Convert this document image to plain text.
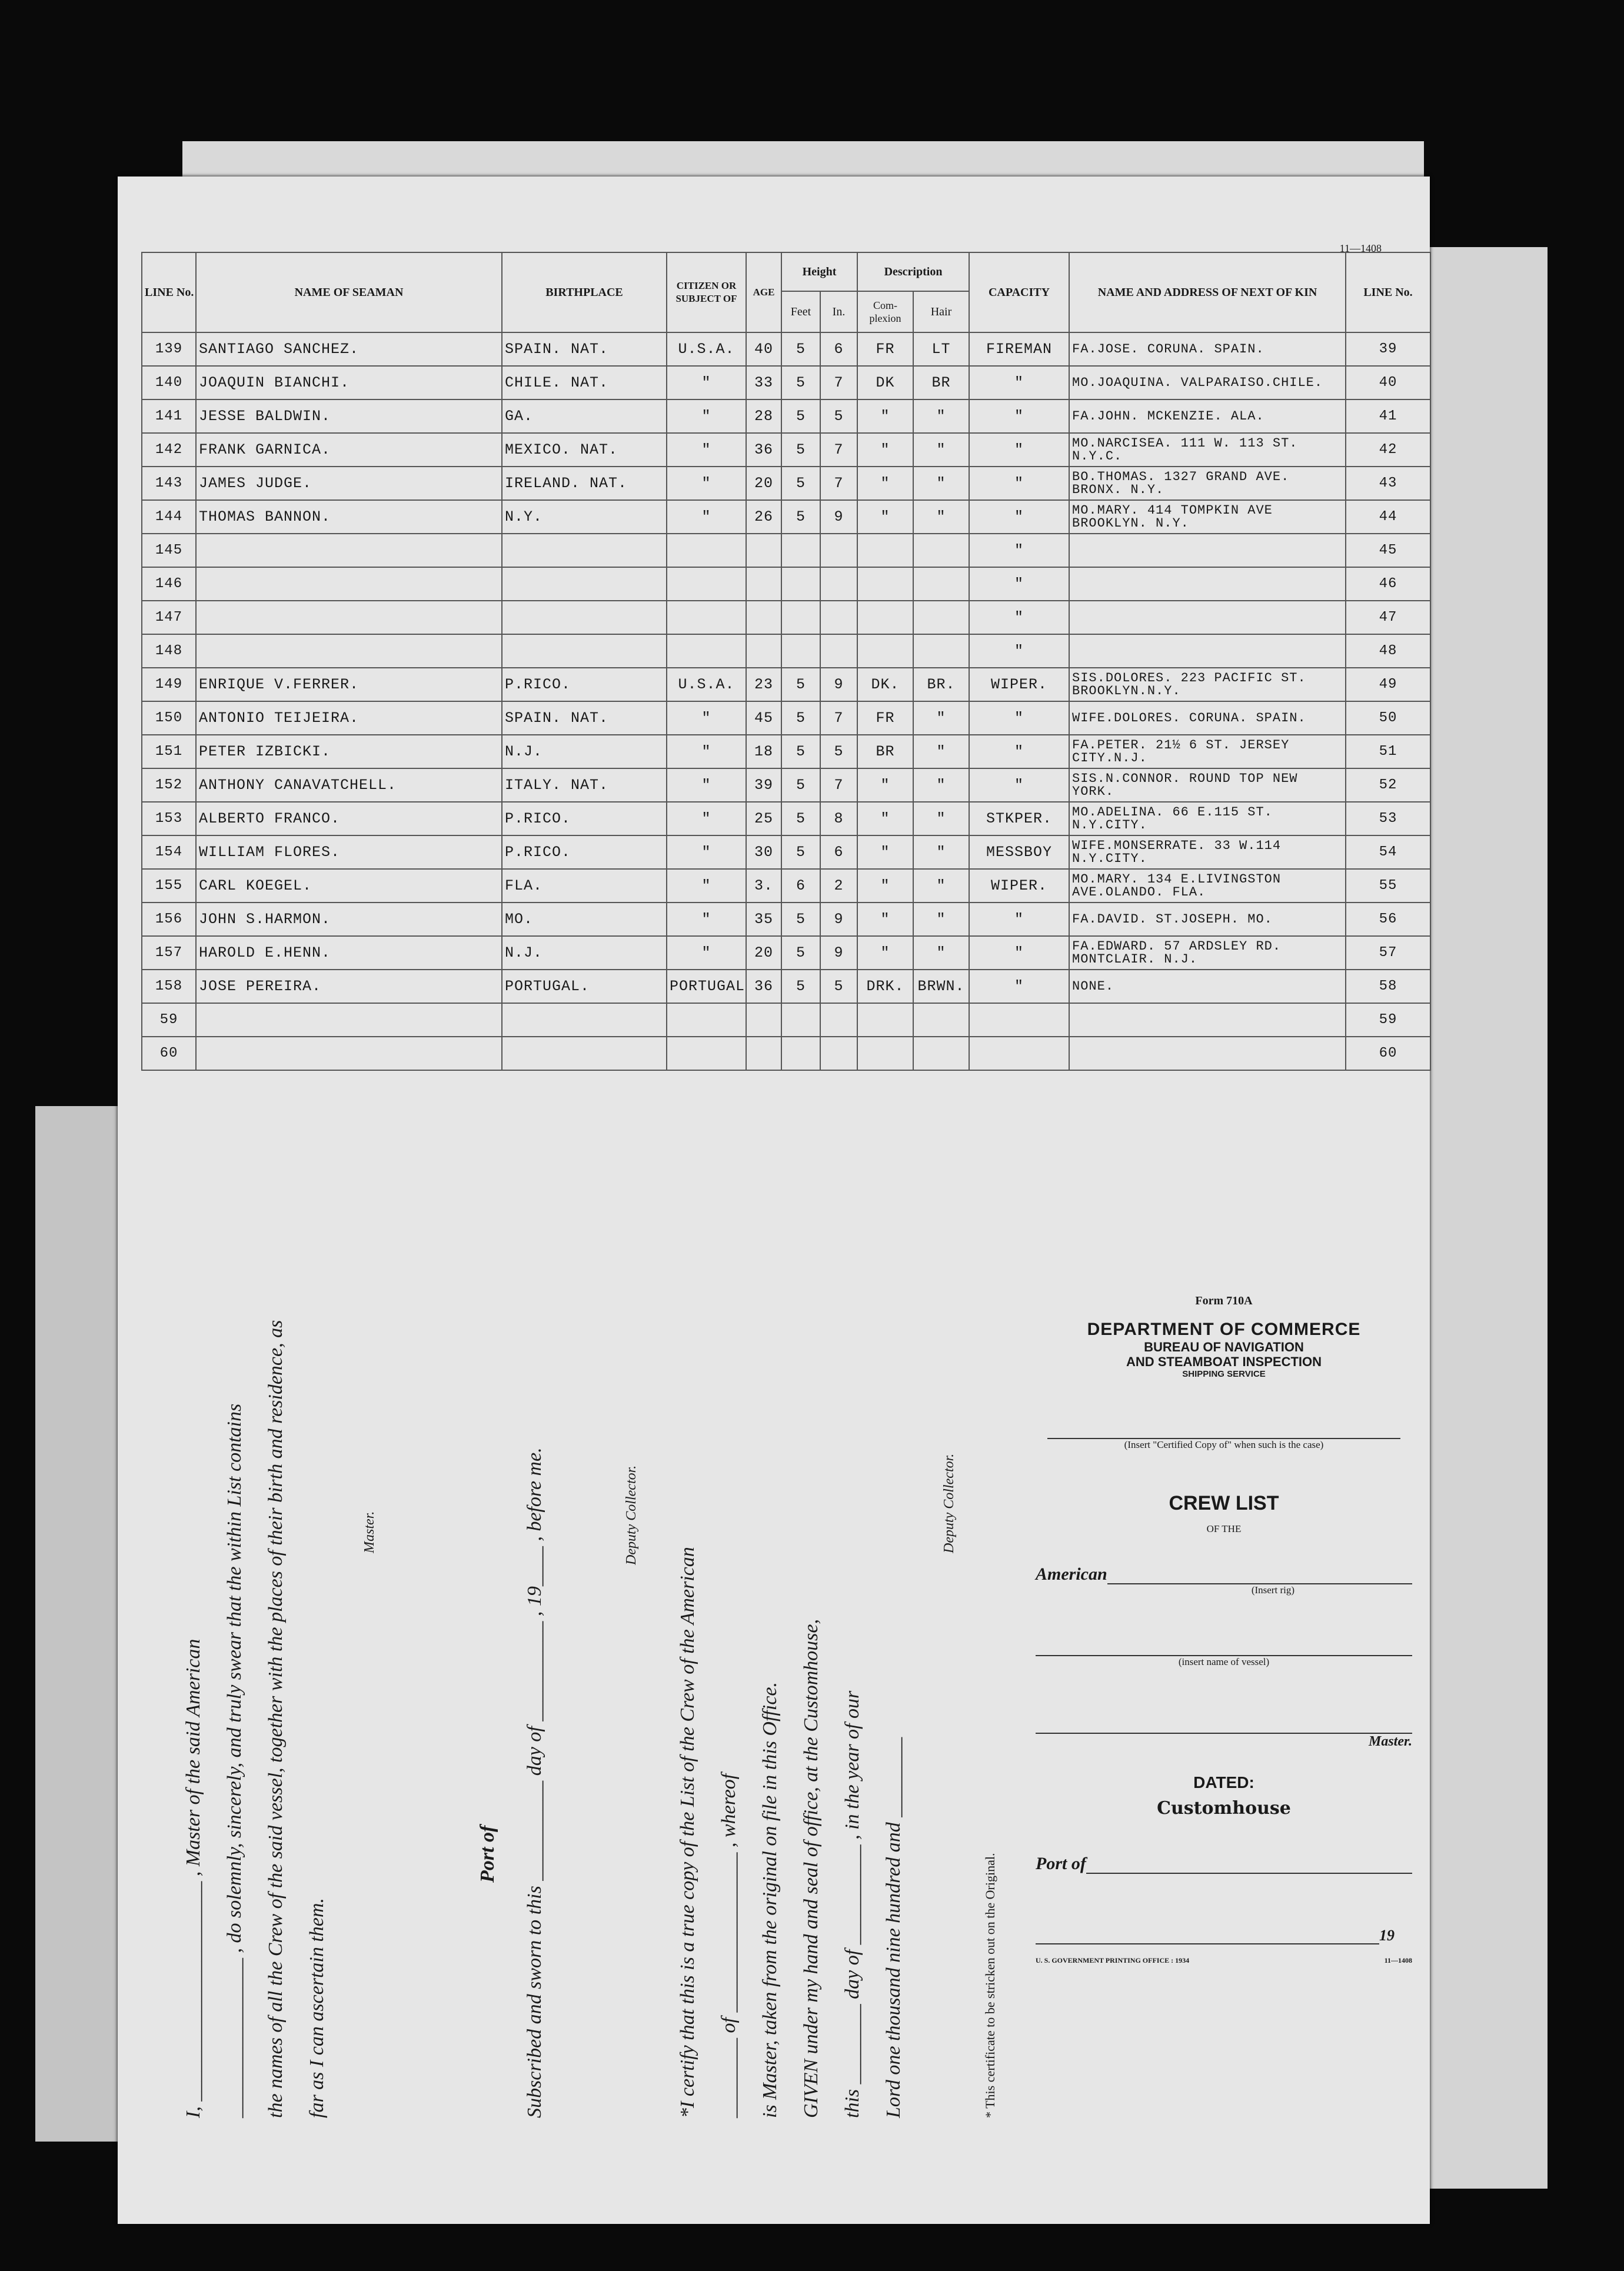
11—1408
LINE No.	NAME OF SEAMAN	BIRTHPLACE	CITIZEN OR SUBJECT OF	AGE	Height		Description		CAPACITY	NAME AND ADDRESS OF NEXT OF KIN	LINE No.
					Feet	In.	Com- plexion	Hair			
139	SANTIAGO SANCHEZ.	SPAIN. NAT.	U.S.A.	40	5	6	FR	LT	FIREMAN	FA.JOSE. CORUNA. SPAIN.	39
140	JOAQUIN BIANCHI.	CHILE. NAT.	"	33	5	7	DK	BR	"	MO.JOAQUINA. VALPARAISO.CHILE.	40
141	JESSE BALDWIN.	GA.	"	28	5	5	"	"	"	FA.JOHN. MCKENZIE. ALA.	41
142	FRANK GARNICA.	MEXICO. NAT.	"	36	5	7	"	"	"	MO.NARCISEA. 111 W. 113 ST. N.Y.C.	42
143	JAMES JUDGE.	IRELAND. NAT.	"	20	5	7	"	"	"	BO.THOMAS. 1327 GRAND AVE. BRONX. N.Y.	43
144	THOMAS BANNON.	N.Y.	"	26	5	9	"	"	"	MO.MARY. 414 TOMPKIN AVE BROOKLYN. N.Y.	44
145									"		45
146									"		46
147									"		47
148									"		48
149	ENRIQUE V.FERRER.	P.RICO.	U.S.A.	23	5	9	DK.	BR.	WIPER.	SIS.DOLORES. 223 PACIFIC ST. BROOKLYN.N.Y.	49
150	ANTONIO TEIJEIRA.	SPAIN. NAT.	"	45	5	7	FR	"	"	WIFE.DOLORES. CORUNA. SPAIN.	50
151	PETER IZBICKI.	N.J.	"	18	5	5	BR	"	"	FA.PETER. 21½ 6 ST. JERSEY CITY.N.J.	51
152	ANTHONY CANAVATCHELL.	ITALY. NAT.	"	39	5	7	"	"	"	SIS.N.CONNOR. ROUND TOP NEW YORK.	52
153	ALBERTO FRANCO.	P.RICO.	"	25	5	8	"	"	STKPER.	MO.ADELINA. 66 E.115 ST. N.Y.CITY.	53
154	WILLIAM FLORES.	P.RICO.	"	30	5	6	"	"	MESSBOY	WIFE.MONSERRATE. 33 W.114 N.Y.CITY.	54
155	CARL KOEGEL.	FLA.	"	3.	6	2	"	"	WIPER.	MO.MARY. 134 E.LIVINGSTON AVE.OLANDO. FLA.	55
156	JOHN S.HARMON.	MO.	"	35	5	9	"	"	"	FA.DAVID. ST.JOSEPH. MO.	56
157	HAROLD E.HENN.	N.J.	"	20	5	9	"	"	"	FA.EDWARD. 57 ARDSLEY RD. MONTCLAIR. N.J.	57
158	JOSE PEREIRA.	PORTUGAL.	PORTUGAL	36	5	5	DRK.	BRWN.	"	NONE.	58
59											59
60											60
I, ______________________ , Master of the said American ________________ , do solemnly, sincerely, and truly swear that the within List contains the names of all the Crew of the said vessel, together with the places of their birth and residence, as far as I can ascertain them.
Master.
Port of Subscribed and sworn to this __________ day of __________ , 19____ , before me.	Deputy Collector.
*I certify that this is a true copy of the List of the Crew of the American ________ of ________________ , whereof is Master, taken from the original on file in this Office. GIVEN under my hand and seal of office, at the Customhouse, this ________ day of __________ , in the year of our Lord one thousand nine hundred and ________
Deputy Collector.
* This certificate to be stricken out on the Original.
Form 710A
DEPARTMENT OF COMMERCE
BUREAU OF NAVIGATION
AND STEAMBOAT INSPECTION
SHIPPING SERVICE
(Insert "Certified Copy of" when such is the case)
CREW LIST
OF THE
American
(Insert rig)
(insert name of vessel)
Master.
DATED:
Customhouse
Port of
19
U. S. GOVERNMENT PRINTING OFFICE : 1934	11—1408
